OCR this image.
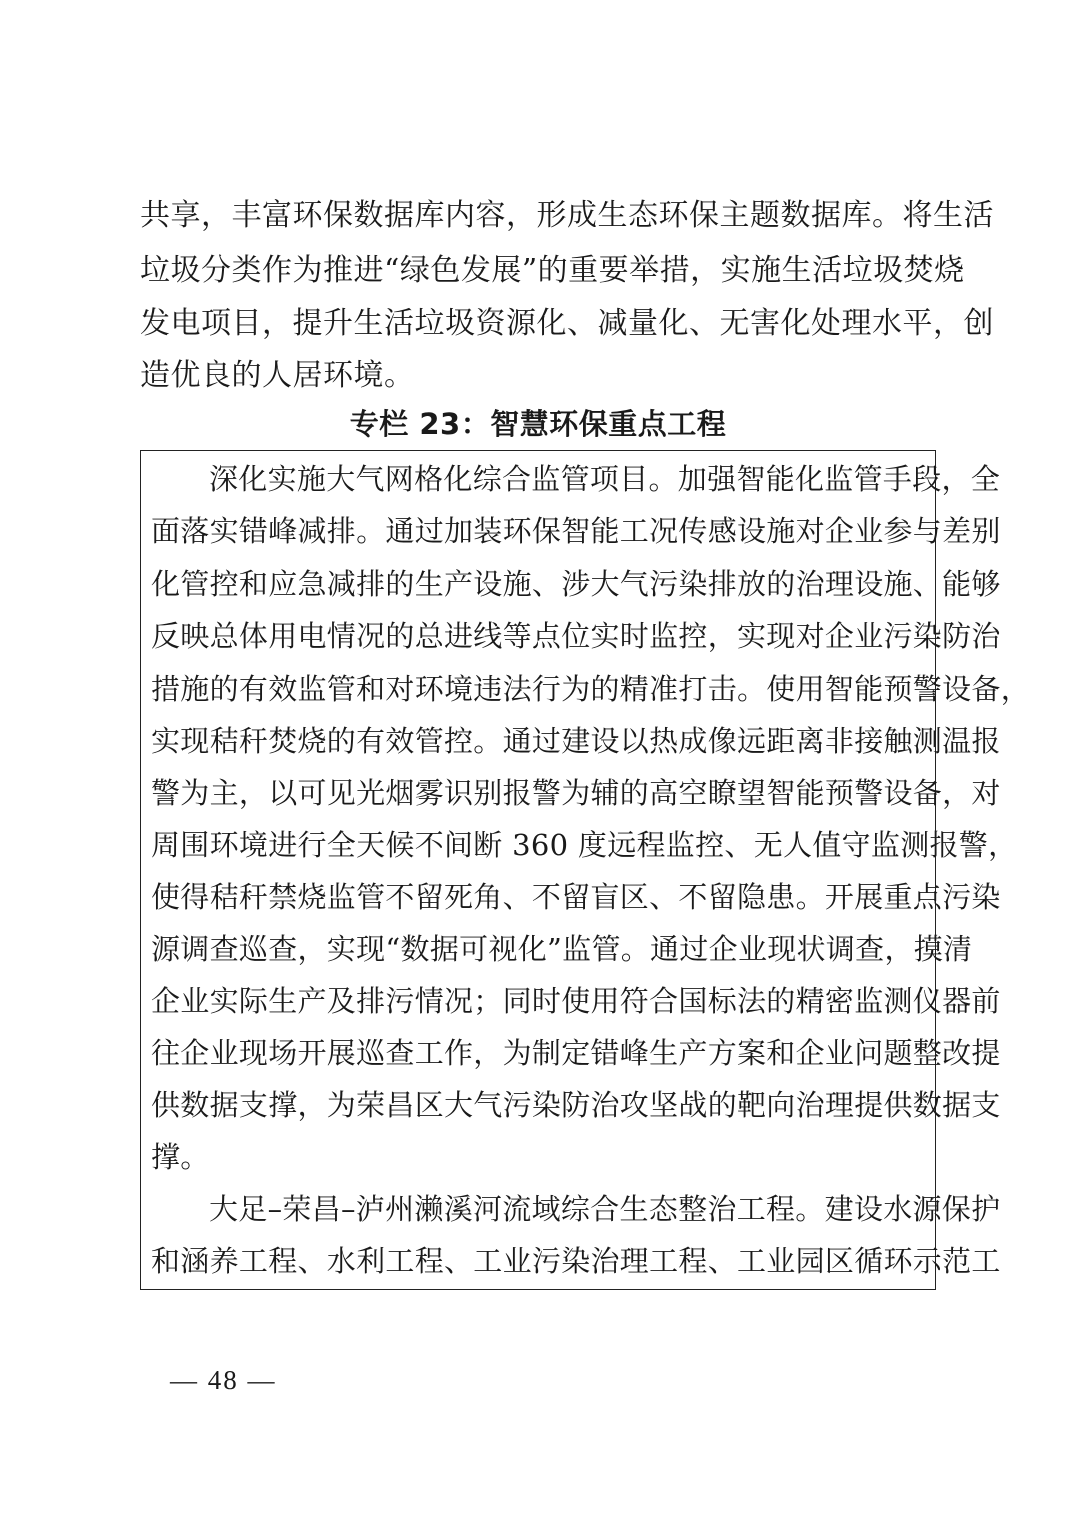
共享，丰富环保数据库内容，形成生态环保主题数据库。将生活
垃圾分类作为推进“绿色发展”的重要举措，实施生活垃圾焚烧
发电项目，提升生活垃圾资源化、减量化、无害化处理水平，创
造优良的人居环境。
专栏 23：智慧环保重点工程
深化实施大气网格化综合监管项目。加强智能化监管手段，全
面落实错峰减排。通过加装环保智能工况传感设施对企业参与差别
化管控和应急减排的生产设施、涉大气污染排放的治理设施、能够
反映总体用电情况的总进线等点位实时监控，实现对企业污染防治
措施的有效监管和对环境违法行为的精准打击。使用智能预警设备，
实现秸秆焚烧的有效管控。通过建设以热成像远距离非接触测温报
警为主，以可见光烟雾识别报警为辅的高空瞭望智能预警设备，对
周围环境进行全天候不间断 360 度远程监控、无人值守监测报警，
使得秸秆禁烧监管不留死角、不留盲区、不留隐患。开展重点污染
源调查巡查，实现“数据可视化”监管。通过企业现状调查，摸清
企业实际生产及排污情况；同时使用符合国标法的精密监测仪器前
往企业现场开展巡查工作，为制定错峰生产方案和企业问题整改提
供数据支撑，为荣昌区大气污染防治攻坚战的靶向治理提供数据支
撑。
大足–荣昌–泸州濑溪河流域综合生态整治工程。建设水源保护
和涵养工程、水利工程、工业污染治理工程、工业园区循环示范工
— 48 —
